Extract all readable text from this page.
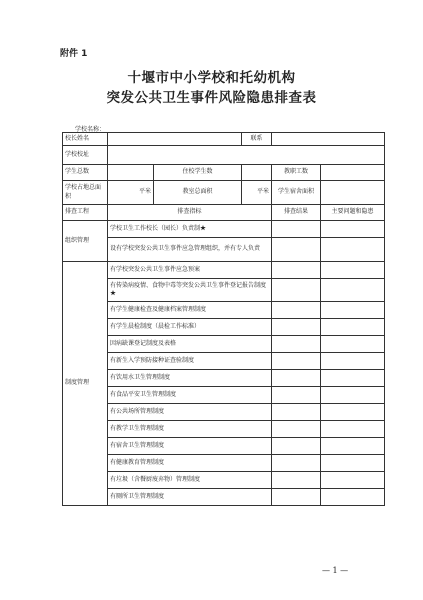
附件 1
十堰市中小学校和托幼机构
突发公共卫生事件风险隐患排查表
学校名称：
校长姓名			联系		
学校校址					
学生总数		住校学生数		教职工数	
学校占地总面积	平米	教室总面积	平米	学生宿舍面积	
排查工程	排查指标			排查结果	主要问题和隐患
组织管理	学校卫生工作校长（园长）负责制★				
	设有学校突发公共卫生事件应急管理组织，并有专人负责				
制度管理	有学校突发公共卫生事件应急预案				
	有传染病疫情、食物中毒等突发公共卫生事件登记报告制度★				
	有学生健康检查及健康档案管理制度				
	有学生晨检制度（晨检工作标准）				
	因病缺课登记制度及表格				
	有新生入学预防接种证查验制度				
	有饮用水卫生管理制度				
	有食品平安卫生管理制度				
	有公共场所管理制度				
	有教学卫生管理制度				
	有宿舍卫生管理制度				
	有健康教育管理制度				
	有垃圾（含餐厨废弃物）管理制度				
	有厕所卫生管理制度				
— 1 —
